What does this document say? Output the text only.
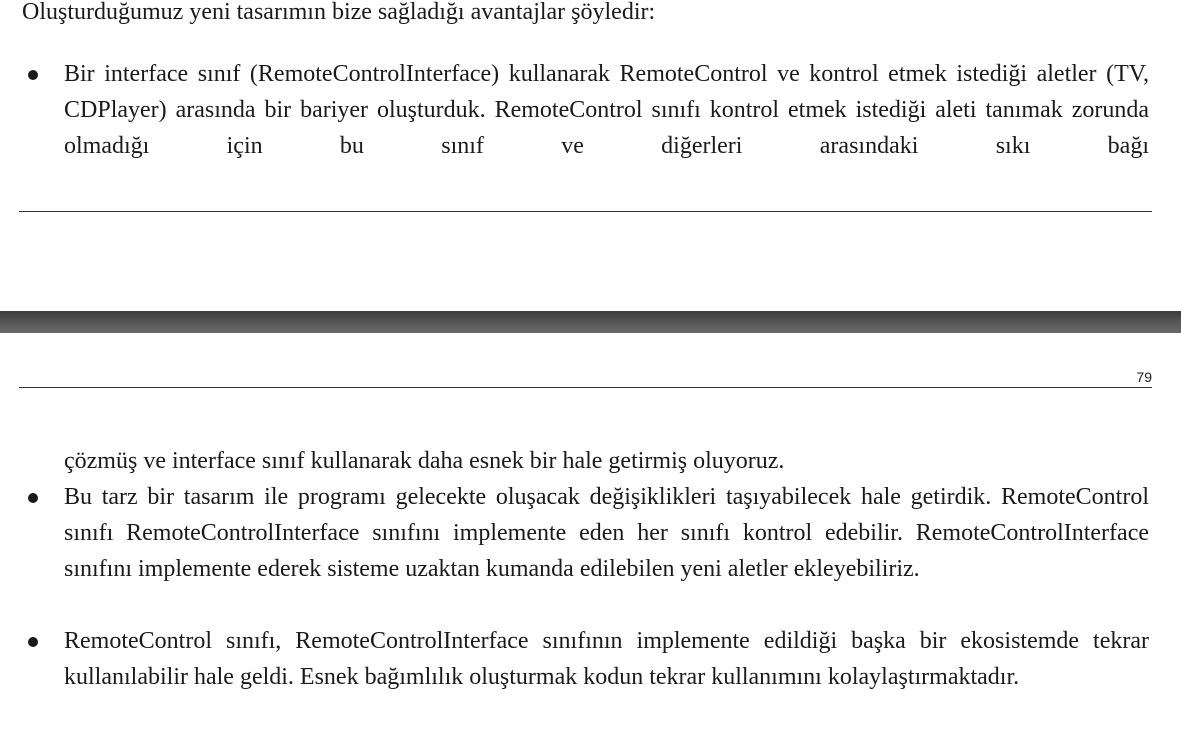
Oluşturduğumuz yeni tasarımın bize sağladığı avantajlar şöyledir:

Bir interface sınıf (RemoteControlInterface) kullanarak RemoteControl ve kontrol etmek istediği aletler (TV, CDPlayer) arasında bir bariyer oluşturduk. RemoteControl sınıfı kontrol etmek istediği aleti tanımak zorunda olmadığı için bu sınıf ve diğerleri arasındaki sıkı bağı

79

çözmüş ve interface sınıf kullanarak daha esnek bir hale getirmiş oluyoruz.

Bu tarz bir tasarım ile programı gelecekte oluşacak değişiklikleri taşıyabilecek hale getirdik. RemoteControl sınıfı RemoteControlInterface sınıfını implemente eden her sınıfı kontrol edebilir. RemoteControlInterface sınıfını implemente ederek sisteme uzaktan kumanda edilebilen yeni aletler ekleyebiliriz.

RemoteControl sınıfı, RemoteControlInterface sınıfının implemente edildiği başka bir ekosistemde tekrar kullanılabilir hale geldi. Esnek bağımlılık oluşturmak kodun tekrar kullanımını kolaylaştırmaktadır.
